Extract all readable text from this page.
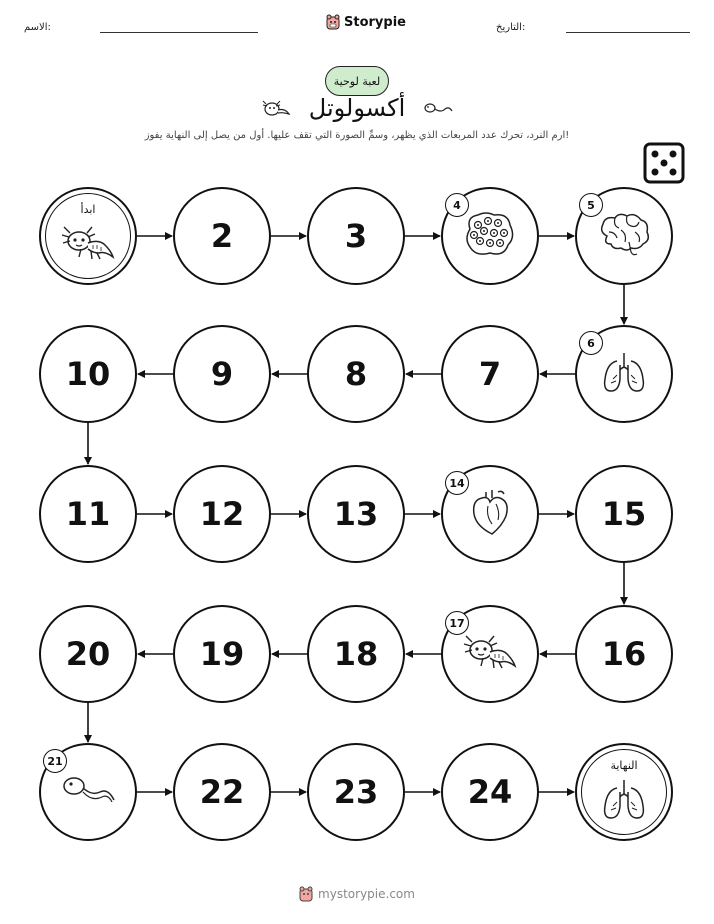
الاسم:	Storypie	التاريخ:
لعبة لوحية
أكسولوتل
ارم النرد، تحرك عدد المربعات الذي يظهر، وسمِّ الصورة التي تقف عليها. أول من يصل إلى النهاية يفوز!
ابدأ
2	3
4	5
6
7
8
9
10
11	12	13
14
15
16
17
18
19
20
21
22	23	24
النهاية
mystorypie.com
